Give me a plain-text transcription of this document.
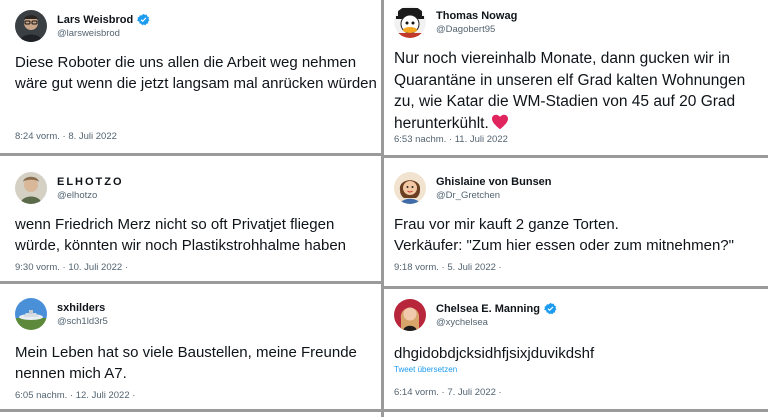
Lars Weisbrod
@larsweisbrod
Diese Roboter die uns allen die Arbeit weg nehmen wäre gut wenn die jetzt langsam mal anrücken würden
8:24 vorm. · 8. Juli 2022
Thomas Nowag
@Dagobert95
Nur noch viereinhalb Monate, dann gucken wir in Quarantäne in unseren elf Grad kalten Wohnungen zu, wie Katar die WM-Stadien von 45 auf 20 Grad herunterkühlt.
6:53 nachm. · 11. Juli 2022
ELHOTZO
@elhotzo
wenn Friedrich Merz nicht so oft Privatjet fliegen würde, könnten wir noch Plastikstrohhalme haben
9:30 vorm. · 10. Juli 2022 ·
Ghislaine von Bunsen
@Dr_Gretchen
Frau vor mir kauft 2 ganze Torten.
Verkäufer: "Zum hier essen oder zum mitnehmen?"
9:18 vorm. · 5. Juli 2022 ·
sxhilders
@sch1ld3r5
Mein Leben hat so viele Baustellen, meine Freunde nennen mich A7.
6:05 nachm. · 12. Juli 2022 ·
Chelsea E. Manning
@xychelsea
dhgidobdjcksidhfjsixjduvikdshf
Tweet übersetzen
6:14 vorm. · 7. Juli 2022 ·
